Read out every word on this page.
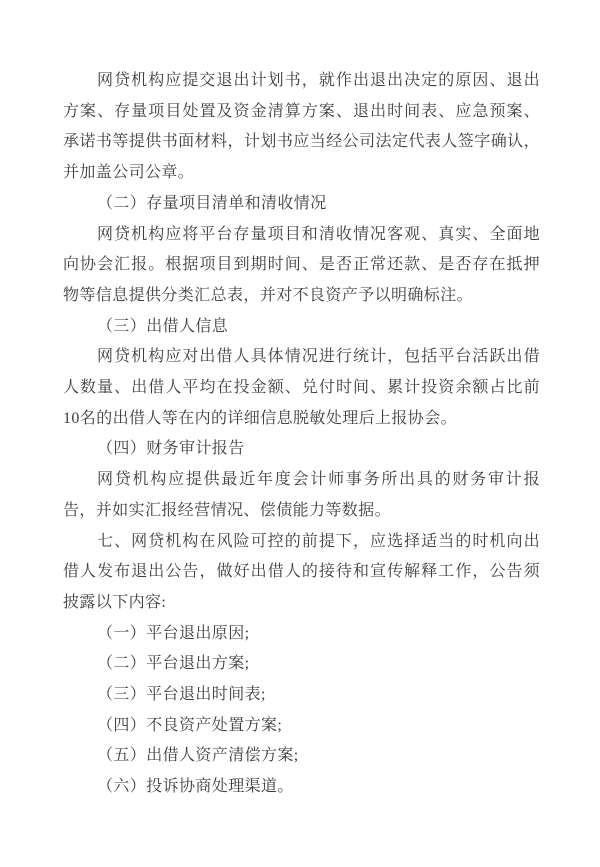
网贷机构应提交退出计划书，就作出退出决定的原因、退出
方案、存量项目处置及资金清算方案、退出时间表、应急预案、
承诺书等提供书面材料，计划书应当经公司法定代表人签字确认，
并加盖公司公章。
（二）存量项目清单和清收情况
网贷机构应将平台存量项目和清收情况客观、真实、全面地
向协会汇报。根据项目到期时间、是否正常还款、是否存在抵押
物等信息提供分类汇总表，并对不良资产予以明确标注。
（三）出借人信息
网贷机构应对出借人具体情况进行统计，包括平台活跃出借
人数量、出借人平均在投金额、兑付时间、累计投资余额占比前
10名的出借人等在内的详细信息脱敏处理后上报协会。
（四）财务审计报告
网贷机构应提供最近年度会计师事务所出具的财务审计报
告，并如实汇报经营情况、偿债能力等数据。
七、网贷机构在风险可控的前提下，应选择适当的时机向出
借人发布退出公告，做好出借人的接待和宣传解释工作，公告须
披露以下内容:
（一）平台退出原因;
（二）平台退出方案;
（三）平台退出时间表;
（四）不良资产处置方案;
（五）出借人资产清偿方案;
（六）投诉协商处理渠道。
